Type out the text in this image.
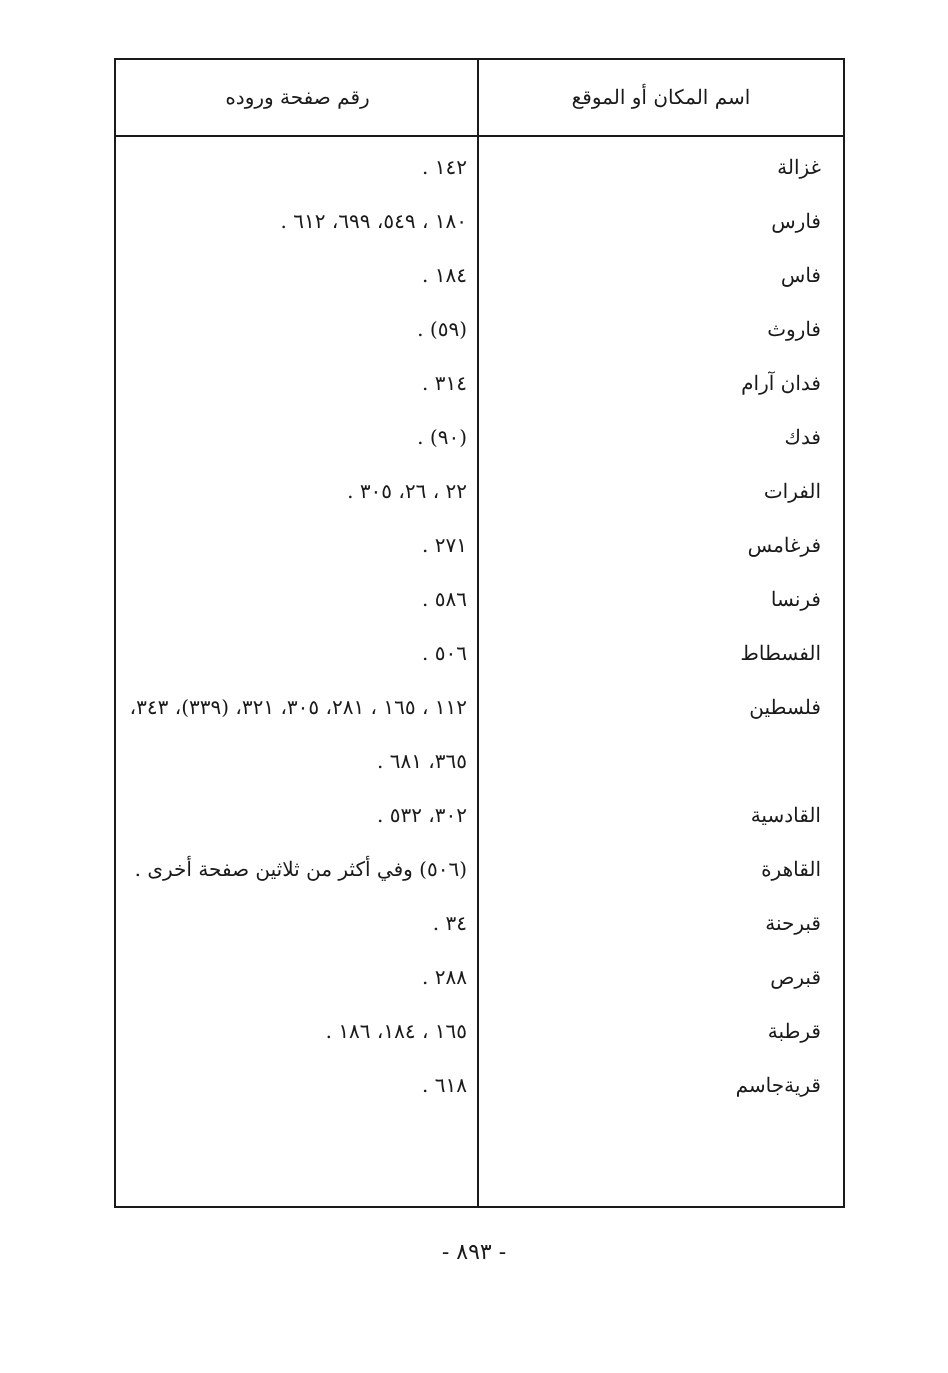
اسم المكان أو الموقع
رقم صفحة وروده
غزالة
١٤٢ .
فارس
١٨٠ ، ٥٤٩، ٦٩٩، ٦١٢ .
فاس
١٨٤ .
فاروث
(٥٩) .
فدان آرام
٣١٤ .
فدك
(٩٠) .
الفرات
٢٢ ، ٢٦، ٣٠٥ .
فرغامس
٢٧١ .
فرنسا
٥٨٦ .
الفسطاط
٥٠٦ .
فلسطين
١١٢ ، ١٦٥ ، ٢٨١، ٣٠٥، ٣٢١، (٣٣٩)، ٣٤٣، ٣٦٥، ٦٨١ .
القادسية
٣٠٢، ٥٣٢ .
القاهرة
(٥٠٦) وفي أكثر من ثلاثين صفحة أخرى .
قبرحنة
٣٤ .
قبرص
٢٨٨ .
قرطبة
١٦٥ ، ١٨٤، ١٨٦ .
قريةجاسم
٦١٨ .
- ٨٩٣ -
